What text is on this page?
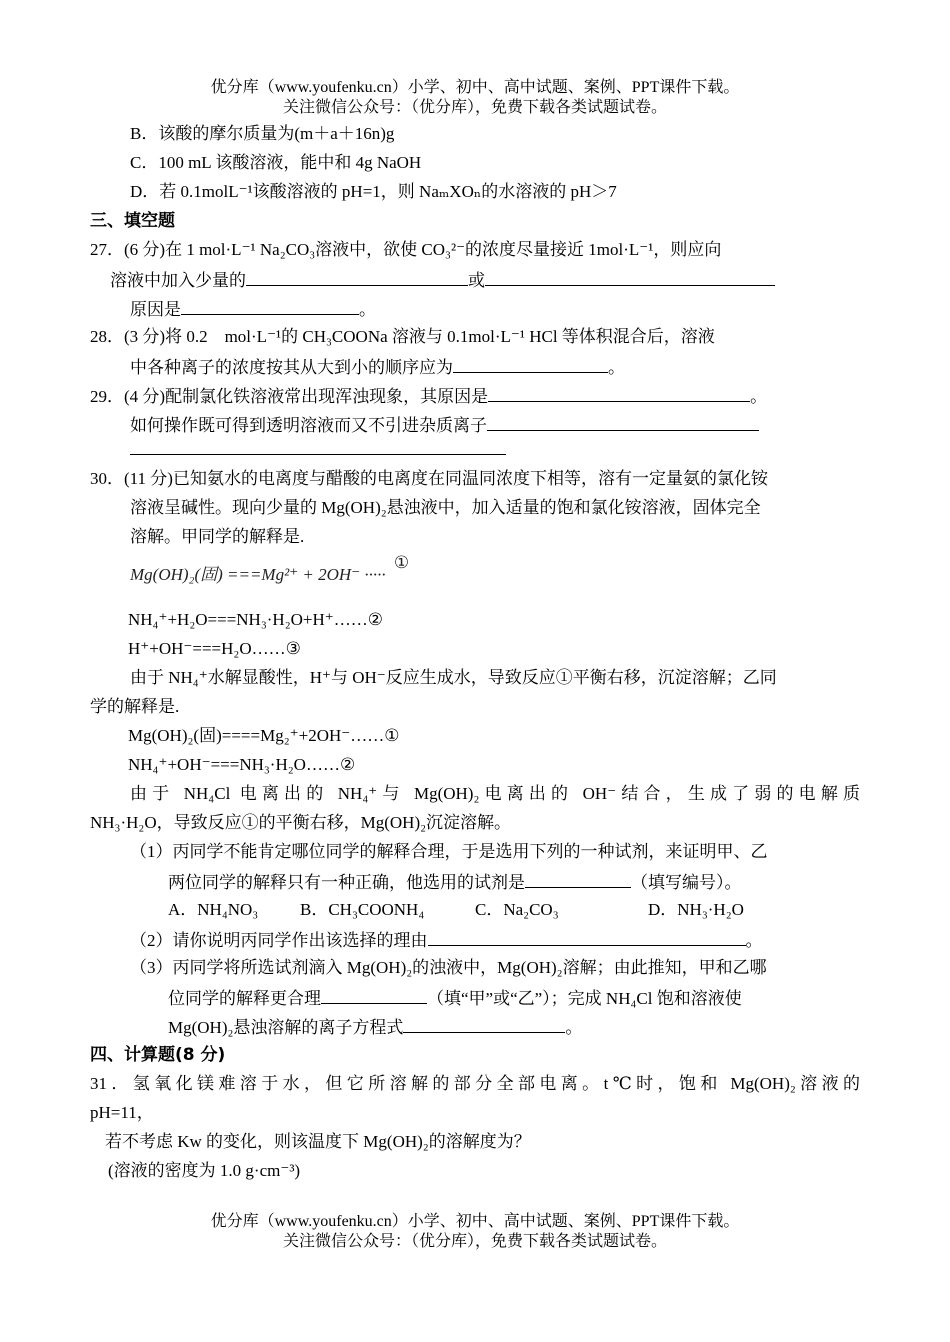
优分库（www.youfenku.cn）小学、初中、高中试题、案例、PPT课件下载。
关注微信公众号：（优分库），免费下载各类试题试卷。
B．该酸的摩尔质量为(m＋a＋16n)g
C．100 mL 该酸溶液，能中和 4g NaOH
D．若 0.1molL⁻¹该酸溶液的 pH=1，则 NaₘXOₙ的水溶液的 pH＞7
三、填空题
27．(6 分)在 1 mol·L⁻¹ Na₂CO₃溶液中，欲使 CO₃²⁻的浓度尽量接近 1mol·L⁻¹，则应向
溶液中加入少量的	或
原因是	。
28．(3 分)将 0.2　mol·L⁻¹的 CH₃COONa 溶液与 0.1mol·L⁻¹ HCl 等体积混合后，溶液
中各种离子的浓度按其从大到小的顺序应为	。
29．(4 分)配制氯化铁溶液常出现浑浊现象，其原因是	。
如何操作既可得到透明溶液而又不引进杂质离子
30．(11 分)已知氨水的电离度与醋酸的电离度在同温同浓度下相等，溶有一定量氨的氯化铵
溶液呈碱性。现向少量的 Mg(OH)₂悬浊液中，加入适量的饱和氯化铵溶液，固体完全
溶解。甲同学的解释是.
Mg(OH)₂(固) ===Mg²⁺ + 2OH⁻ ····· ①
NH₄⁺+H₂O===NH₃·H₂O+H⁺……②
H⁺+OH⁻===H₂O……③
由于 NH₄⁺水解显酸性，H⁺与 OH⁻反应生成水，导致反应①平衡右移，沉淀溶解；乙同
学的解释是.
Mg(OH)₂(固)====Mg₂⁺+2OH⁻……①
NH₄⁺+OH⁻===NH₃·H₂O……②
由于 NH₄Cl 电离出的 NH₄⁺与 Mg(OH)₂电离出的 OH⁻结合，生成了弱的电解质
NH₃·H₂O，导致反应①的平衡右移，Mg(OH)₂沉淀溶解。
（1）丙同学不能肯定哪位同学的解释合理，于是选用下列的一种试剂，来证明甲、乙
两位同学的解释只有一种正确，他选用的试剂是	（填写编号）。
A．NH₄NO₃ B．CH₃COONH₄	C．Na₂CO₃	D．NH₃·H₂O
（2）请你说明丙同学作出该选择的理由	。
（3）丙同学将所选试剂滴入 Mg(OH)₂的浊液中，Mg(OH)₂溶解；由此推知，甲和乙哪
位同学的解释更合理	（填“甲”或“乙”）；完成 NH₄Cl 饱和溶液使
Mg(OH)₂悬浊溶解的离子方程式	。
四、计算题(8 分)
31．氢氧化镁难溶于水，但它所溶解的部分全部电离。t℃时，饱和 Mg(OH)₂溶液的
pH=11，
若不考虑 Kw 的变化，则该温度下 Mg(OH)₂的溶解度为？
(溶液的密度为 1.0 g·cm⁻³)
优分库（www.youfenku.cn）小学、初中、高中试题、案例、PPT课件下载。
关注微信公众号：（优分库），免费下载各类试题试卷。
